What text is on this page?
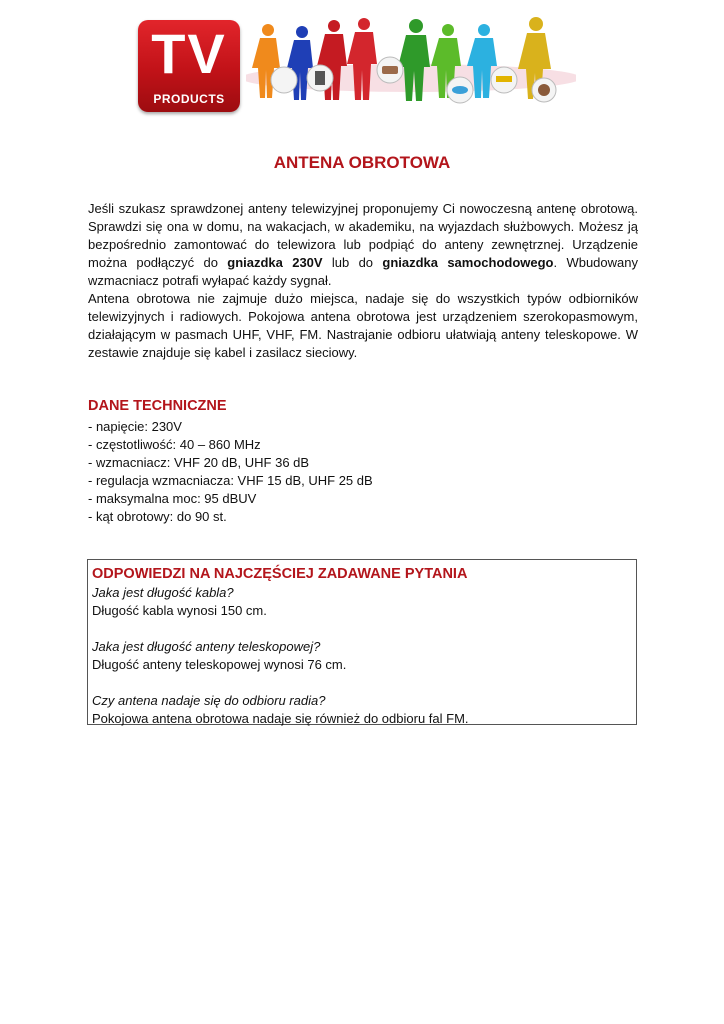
TV
PRODUCTS
ANTENA OBROTOWA

Jeśli szukasz sprawdzonej anteny telewizyjnej proponujemy Ci nowoczesną antenę obrotową. Sprawdzi się ona w domu, na wakacjach, w akademiku, na wyjazdach służbowych. Możesz ją bezpośrednio zamontować do telewizora lub podpiąć do anteny zewnętrznej. Urządzenie można podłączyć do gniazdka 230V lub do gniazdka samochodowego. Wbudowany wzmacniacz potrafi wyłapać każdy sygnał.

Antena obrotowa nie zajmuje dużo miejsca, nadaje się do wszystkich typów odbiorników telewizyjnych i radiowych. Pokojowa antena obrotowa jest urządzeniem szerokopasmowym, działającym w pasmach UHF, VHF, FM. Nastrajanie odbioru ułatwiają anteny teleskopowe. W zestawie znajduje się kabel i zasilacz sieciowy.

DANE TECHNICZNE
- napięcie: 230V
- częstotliwość: 40 – 860 MHz
- wzmacniacz: VHF 20 dB, UHF 36 dB
- regulacja wzmacniacza: VHF 15 dB, UHF 25 dB
- maksymalna moc: 95 dBUV
- kąt obrotowy: do 90 st.
ODPOWIEDZI NA NAJCZĘŚCIEJ ZADAWANE PYTANIA
Jaka jest długość kabla?
Długość kabla wynosi 150 cm.
Jaka jest długość anteny teleskopowej?
Długość anteny teleskopowej wynosi 76 cm.
Czy antena nadaje się do odbioru radia?
Pokojowa antena obrotowa nadaje się również do odbioru fal FM.
